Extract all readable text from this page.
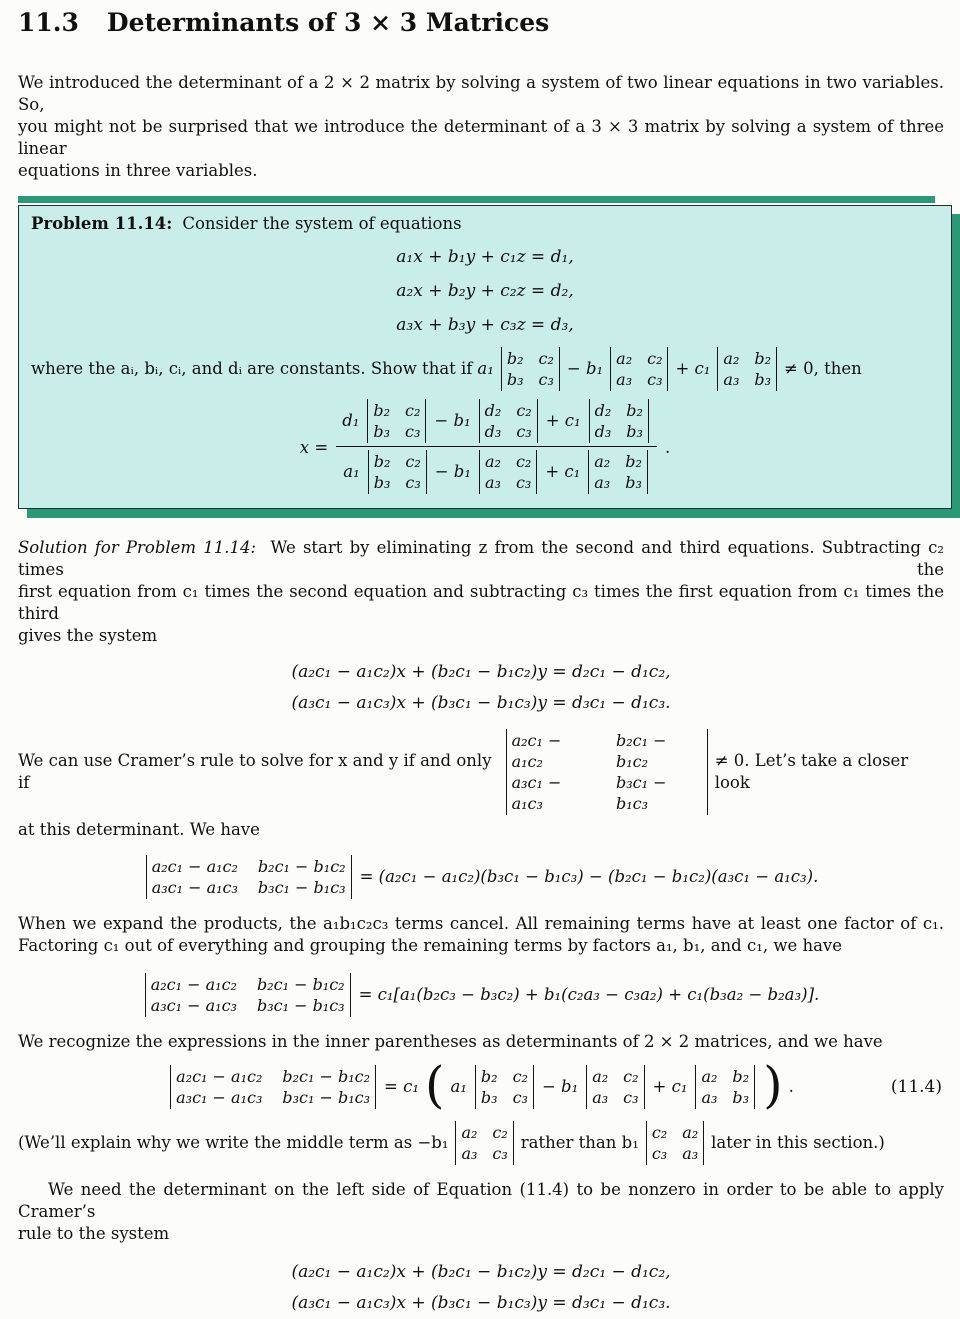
11.3 Determinants of 3 × 3 Matrices

We introduced the determinant of a 2 × 2 matrix by solving a system of two linear equations in two variables. So,
you might not be surprised that we introduce the determinant of a 3 × 3 matrix by solving a system of three linear
equations in three variables.

Problem 11.14: Consider the system of equations
a₁x + b₁y + c₁z = d₁,
a₂x + b₂y + c₂z = d₂,
a₃x + b₃y + c₃z = d₃,
where the aᵢ, bᵢ, cᵢ, and dᵢ are constants. Show that if a₁
b₂ c₂
b₃ c₃
− b₁
a₂ c₂
a₃ c₃
+ c₁
a₂ b₂
a₃ b₃
≠ 0, then
x =
d₁
b₂ c₂
b₃ c₃
− b₁
d₂ c₂
d₃ c₃
+ c₁
d₂ b₂
d₃ b₃
a₁
b₂ c₂
b₃ c₃
− b₁
a₂ c₂
a₃ c₃
+ c₁
a₂ b₂
a₃ b₃
.

Solution for Problem 11.14: We start by eliminating z from the second and third equations. Subtracting c₂ times the
first equation from c₁ times the second equation and subtracting c₃ times the first equation from c₁ times the third
gives the system

(a₂c₁ − a₁c₂)x + (b₂c₁ − b₁c₂)y = d₂c₁ − d₁c₂,
(a₃c₁ − a₁c₃)x + (b₃c₁ − b₁c₃)y = d₃c₁ − d₁c₃.
We can use Cramer’s rule to solve for x and y if and only if
a₂c₁ − a₁c₂
b₂c₁ − b₁c₂
a₃c₁ − a₁c₃
b₃c₁ − b₁c₃
≠ 0. Let’s take a closer look
at this determinant. We have
a₂c₁ − a₁c₂ b₂c₁ − b₁c₂
a₃c₁ − a₁c₃ b₃c₁ − b₁c₃
= (a₂c₁ − a₁c₂)(b₃c₁ − b₁c₃) − (b₂c₁ − b₁c₂)(a₃c₁ − a₁c₃).

When we expand the products, the a₁b₁c₂c₃ terms cancel. All remaining terms have at least one factor of c₁.
Factoring c₁ out of everything and grouping the remaining terms by factors a₁, b₁, and c₁, we have

a₂c₁ − a₁c₂ b₂c₁ − b₁c₂
a₃c₁ − a₁c₃ b₃c₁ − b₁c₃
= c₁[a₁(b₂c₃ − b₃c₂) + b₁(c₂a₃ − c₃a₂) + c₁(b₃a₂ − b₂a₃)].

We recognize the expressions in the inner parentheses as determinants of 2 × 2 matrices, and we have

a₂c₁ − a₁c₂ b₂c₁ − b₁c₂
a₃c₁ − a₁c₃ b₃c₁ − b₁c₃
= c₁ ( a₁
b₂ c₂
b₃ c₃
− b₁
a₂ c₂
a₃ c₃
+ c₁
a₂ b₂
a₃ b₃ ) .	(11.4)
(We’ll explain why we write the middle term as −b₁
a₂ c₂
a₃ c₃
rather than b₁
c₂ a₂
c₃ a₃
later in this section.)

We need the determinant on the left side of Equation (11.4) to be nonzero in order to be able to apply Cramer’s
rule to the system

(a₂c₁ − a₁c₂)x + (b₂c₁ − b₁c₂)y = d₂c₁ − d₁c₂,
(a₃c₁ − a₁c₃)x + (b₃c₁ − b₁c₃)y = d₃c₁ − d₁c₃.
